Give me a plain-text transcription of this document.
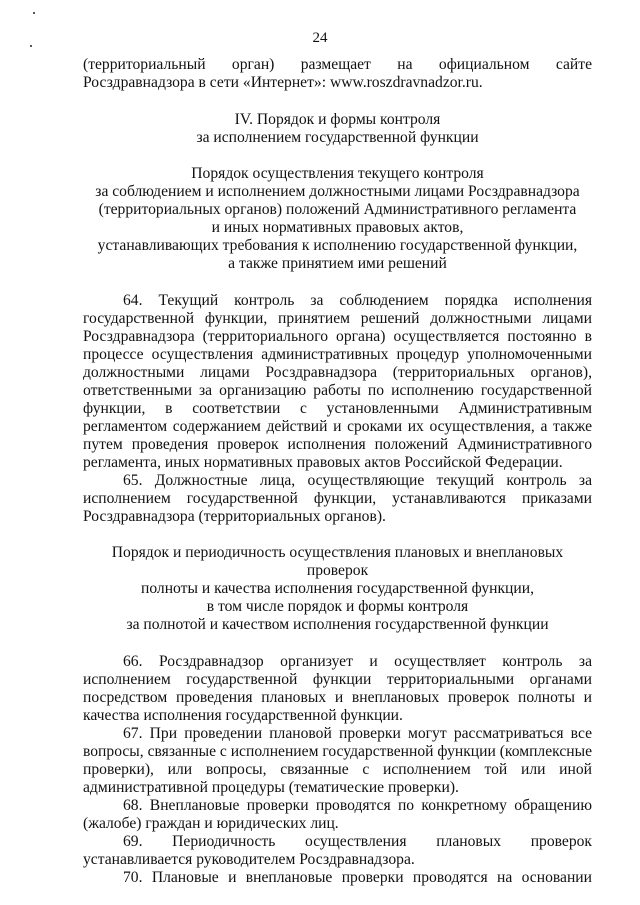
24

(территориальный орган) размещает на официальном сайте Росздравнадзора в сети «Интернет»: www.roszdravnadzor.ru.

IV. Порядок и формы контроля

за исполнением государственной функции

Порядок осуществления текущего контроля

за соблюдением и исполнением должностными лицами Росздравнадзора

(территориальных органов) положений Административного регламента

и иных нормативных правовых актов,

устанавливающих требования к исполнению государственной функции,

а также принятием ими решений

64. Текущий контроль за соблюдением порядка исполнения государственной функции, принятием решений должностными лицами Росздравнадзора (территориального органа) осуществляется постоянно в процессе осуществления административных процедур уполномоченными должностными лицами Росздравнадзора (территориальных органов), ответственными за организацию работы по исполнению государственной функции, в соответствии с установленными Административным регламентом содержанием действий и сроками их осуществления, а также путем проведения проверок исполнения положений Административного регламента, иных нормативных правовых актов Российской Федерации.

65. Должностные лица, осуществляющие текущий контроль за исполнением государственной функции, устанавливаются приказами Росздравнадзора (территориальных органов).

Порядок и периодичность осуществления плановых и внеплановых проверок

полноты и качества исполнения государственной функции,

в том числе порядок и формы контроля

за полнотой и качеством исполнения государственной функции

66. Росздравнадзор организует и осуществляет контроль за исполнением государственной функции территориальными органами посредством проведения плановых и внеплановых проверок полноты и качества исполнения государственной функции.

67. При проведении плановой проверки могут рассматриваться все вопросы, связанные с исполнением государственной функции (комплексные проверки), или вопросы, связанные с исполнением той или иной административной процедуры (тематические проверки).

68. Внеплановые проверки проводятся по конкретному обращению (жалобе) граждан и юридических лиц.

69. Периодичность осуществления плановых проверок устанавливается руководителем Росздравнадзора.

70. Плановые и внеплановые проверки проводятся на основании
